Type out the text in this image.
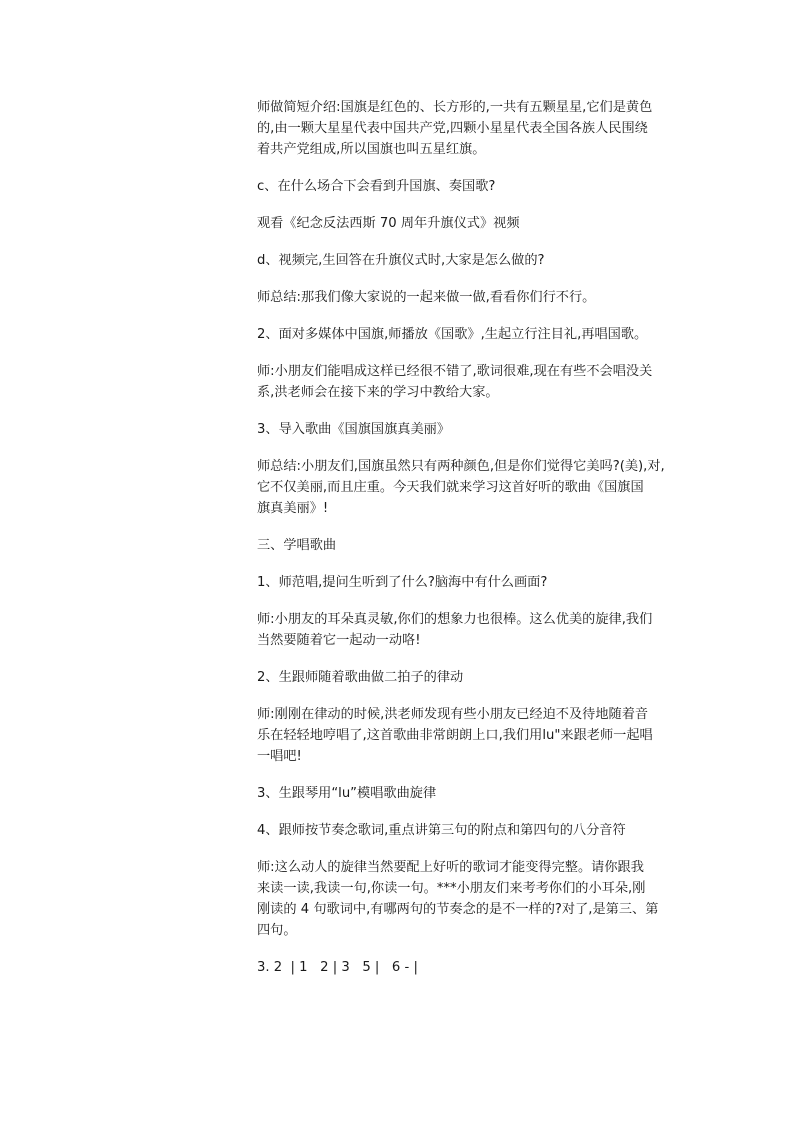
师做简短介绍:国旗是红色的、长方形的,一共有五颗星星,它们是黄色
的,由一颗大星星代表中国共产党,四颗小星星代表全国各族人民围绕
着共产党组成,所以国旗也叫五星红旗。

c、在什么场合下会看到升国旗、奏国歌?

观看《纪念反法西斯 70 周年升旗仪式》视频

d、视频完,生回答在升旗仪式时,大家是怎么做的?

师总结:那我们像大家说的一起来做一做,看看你们行不行。

2、面对多媒体中国旗,师播放《国歌》,生起立行注目礼,再唱国歌。

师:小朋友们能唱成这样已经很不错了,歌词很难,现在有些不会唱没关
系,洪老师会在接下来的学习中教给大家。

3、导入歌曲《国旗国旗真美丽》

师总结:小朋友们,国旗虽然只有两种颜色,但是你们觉得它美吗?(美),对,
它不仅美丽,而且庄重。今天我们就来学习这首好听的歌曲《国旗国
旗真美丽》!

三、学唱歌曲

1、师范唱,提问生听到了什么?脑海中有什么画面?

师:小朋友的耳朵真灵敏,你们的想象力也很棒。这么优美的旋律,我们
当然要随着它一起动一动咯!

2、生跟师随着歌曲做二拍子的律动

师:刚刚在律动的时候,洪老师发现有些小朋友已经迫不及待地随着音
乐在轻轻地哼唱了,这首歌曲非常朗朗上口,我们用lu"来跟老师一起唱
一唱吧!

3、生跟琴用“lu”模唱歌曲旋律

4、跟师按节奏念歌词,重点讲第三句的附点和第四句的八分音符

师:这么动人的旋律当然要配上好听的歌词才能变得完整。请你跟我
来读一读,我读一句,你读一句。***小朋友们来考考你们的小耳朵,刚
刚读的 4 句歌词中,有哪两句的节奏念的是不一样的?对了,是第三、第
四句。

3. 2  | 1   2 | 3   5 |   6 - |
